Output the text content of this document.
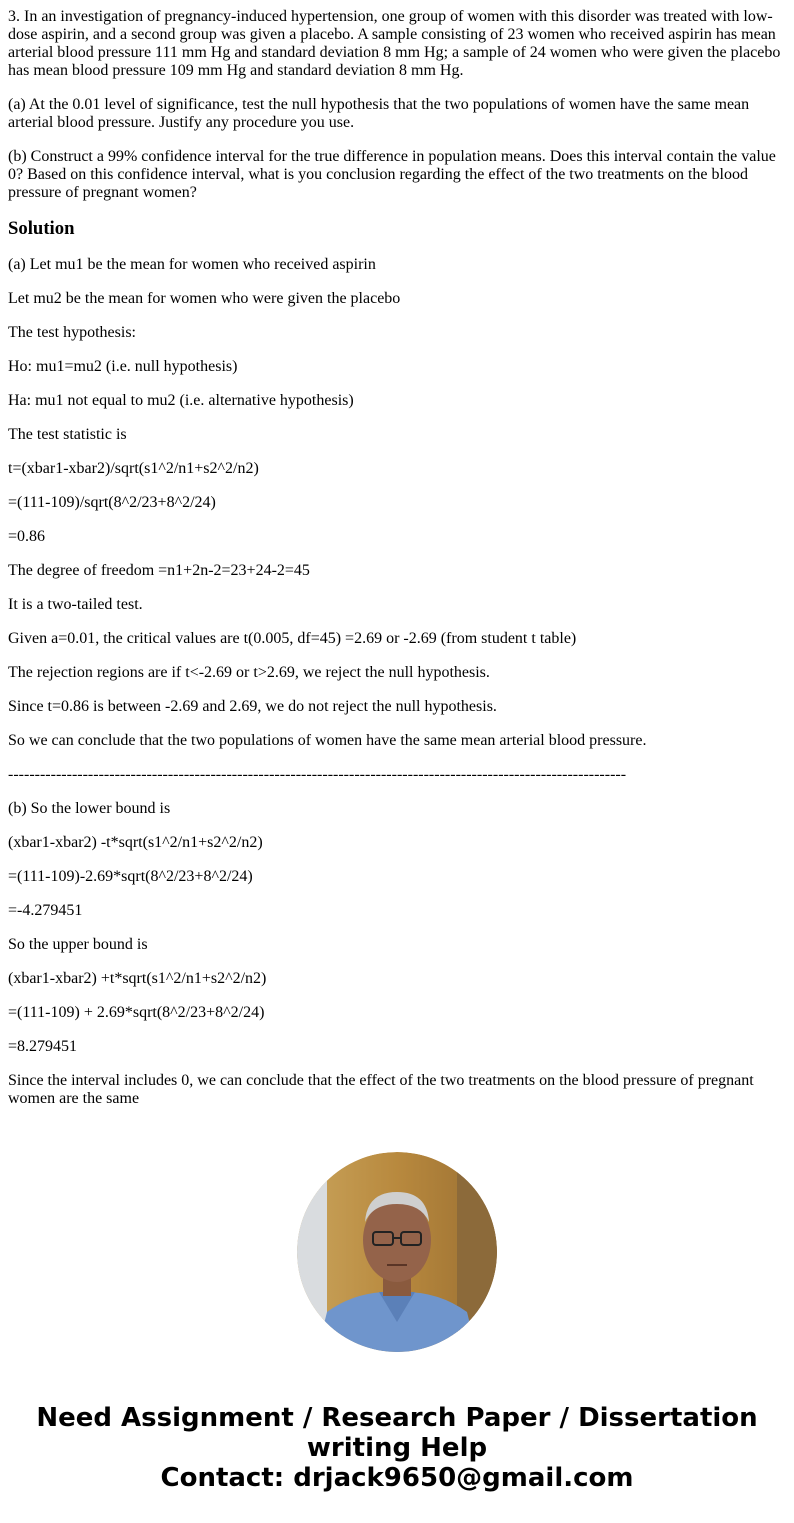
3. In an investigation of pregnancy-induced hypertension, one group of women with this disorder was treated with low-dose aspirin, and a second group was given a placebo. A sample consisting of 23 women who received aspirin has mean arterial blood pressure 111 mm Hg and standard deviation 8 mm Hg; a sample of 24 women who were given the placebo has mean blood pressure 109 mm Hg and standard deviation 8 mm Hg.

(a) At the 0.01 level of significance, test the null hypothesis that the two populations of women have the same mean arterial blood pressure. Justify any procedure you use.

(b) Construct a 99% confidence interval for the true difference in population means. Does this interval contain the value 0? Based on this confidence interval, what is you conclusion regarding the effect of the two treatments on the blood pressure of pregnant women?

Solution

(a) Let mu1 be the mean for women who received aspirin

Let mu2 be the mean for women who were given the placebo

The test hypothesis:

Ho: mu1=mu2 (i.e. null hypothesis)

Ha: mu1 not equal to mu2 (i.e. alternative hypothesis)

The test statistic is

t=(xbar1-xbar2)/sqrt(s1^2/n1+s2^2/n2)

=(111-109)/sqrt(8^2/23+8^2/24)

=0.86

The degree of freedom =n1+2n-2=23+24-2=45

It is a two-tailed test.

Given a=0.01, the critical values are t(0.005, df=45) =2.69 or -2.69 (from student t table)

The rejection regions are if t<-2.69 or t>2.69, we reject the null hypothesis.

Since t=0.86 is between -2.69 and 2.69, we do not reject the null hypothesis.

So we can conclude that the two populations of women have the same mean arterial blood pressure.

--------------------------------------------------------------------------------------------------------------------

(b) So the lower bound is

(xbar1-xbar2) -t*sqrt(s1^2/n1+s2^2/n2)

=(111-109)-2.69*sqrt(8^2/23+8^2/24)

=-4.279451

So the upper bound is

(xbar1-xbar2) +t*sqrt(s1^2/n1+s2^2/n2)

=(111-109) + 2.69*sqrt(8^2/23+8^2/24)

=8.279451

Since the interval includes 0, we can conclude that the effect of the two treatments on the blood pressure of pregnant women are the same

Need Assignment / Research Paper / Dissertation
writing Help
Contact: drjack9650@gmail.com
